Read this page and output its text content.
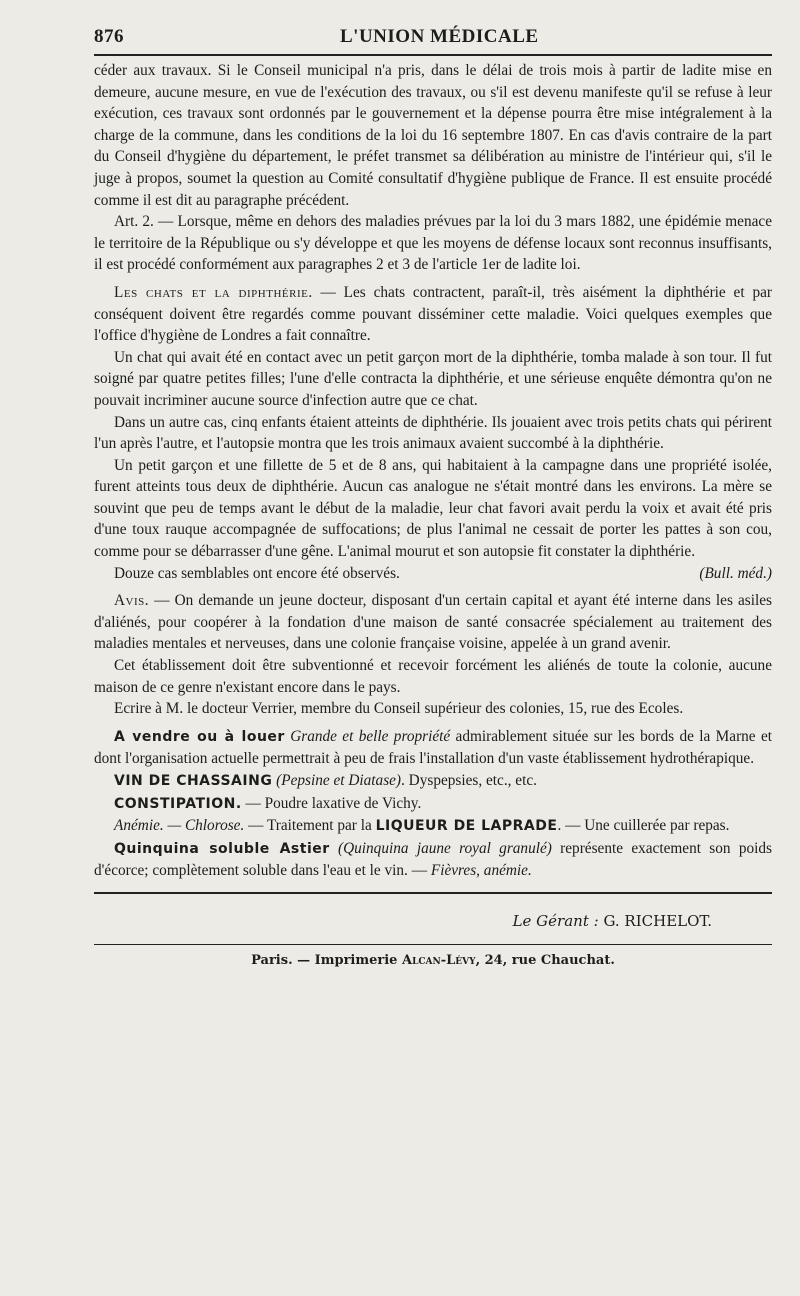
876	L'UNION MÉDICALE

céder aux travaux. Si le Conseil municipal n'a pris, dans le délai de trois mois à partir de ladite mise en demeure, aucune mesure, en vue de l'exécution des travaux, ou s'il est devenu manifeste qu'il se refuse à leur exécution, ces travaux sont ordonnés par le gouvernement et la dépense pourra être mise intégralement à la charge de la commune, dans les conditions de la loi du 16 septembre 1807. En cas d'avis contraire de la part du Conseil d'hygiène du département, le préfet transmet sa délibération au ministre de l'intérieur qui, s'il le juge à propos, soumet la question au Comité consultatif d'hygiène publique de France. Il est ensuite procédé comme il est dit au paragraphe précédent.

Art. 2. — Lorsque, même en dehors des maladies prévues par la loi du 3 mars 1882, une épidémie menace le territoire de la République ou s'y développe et que les moyens de défense locaux sont reconnus insuffisants, il est procédé conformément aux paragraphes 2 et 3 de l'article 1er de ladite loi.

Les chats et la diphthérie. — Les chats contractent, paraît-il, très aisément la diphthérie et par conséquent doivent être regardés comme pouvant disséminer cette maladie. Voici quelques exemples que l'office d'hygiène de Londres a fait connaître.

Un chat qui avait été en contact avec un petit garçon mort de la diphthérie, tomba malade à son tour. Il fut soigné par quatre petites filles; l'une d'elle contracta la diphthérie, et une sérieuse enquête démontra qu'on ne pouvait incriminer aucune source d'infection autre que ce chat.

Dans un autre cas, cinq enfants étaient atteints de diphthérie. Ils jouaient avec trois petits chats qui périrent l'un après l'autre, et l'autopsie montra que les trois animaux avaient succombé à la diphthérie.

Un petit garçon et une fillette de 5 et de 8 ans, qui habitaient à la campagne dans une propriété isolée, furent atteints tous deux de diphthérie. Aucun cas analogue ne s'était montré dans les environs. La mère se souvint que peu de temps avant le début de la maladie, leur chat favori avait perdu la voix et avait été pris d'une toux rauque accompagnée de suffocations; de plus l'animal ne cessait de porter les pattes à son cou, comme pour se débarrasser d'une gêne. L'animal mourut et son autopsie fit constater la diphthérie.

Douze cas semblables ont encore été observés.	(Bull. méd.)

Avis. — On demande un jeune docteur, disposant d'un certain capital et ayant été interne dans les asiles d'aliénés, pour coopérer à la fondation d'une maison de santé consacrée spécialement au traitement des maladies mentales et nerveuses, dans une colonie française voisine, appelée à un grand avenir.

Cet établissement doit être subventionné et recevoir forcément les aliénés de toute la colonie, aucune maison de ce genre n'existant encore dans le pays.

Ecrire à M. le docteur Verrier, membre du Conseil supérieur des colonies, 15, rue des Ecoles.

A vendre ou à louer Grande et belle propriété admirablement située sur les bords de la Marne et dont l'organisation actuelle permettrait à peu de frais l'installation d'un vaste établissement hydrothérapique.

VIN DE CHASSAING (Pepsine et Diatase). Dyspepsies, etc., etc.

CONSTIPATION. — Poudre laxative de Vichy.

Anémie. — Chlorose. — Traitement par la LIQUEUR DE LAPRADE. — Une cuillerée par repas.

Quinquina soluble Astier (Quinquina jaune royal granulé) représente exactement son poids d'écorce; complètement soluble dans l'eau et le vin. — Fièvres, anémie.

Le Gérant : G. RICHELOT.
Paris. — Imprimerie Alcan-Lévy, 24, rue Chauchat.
